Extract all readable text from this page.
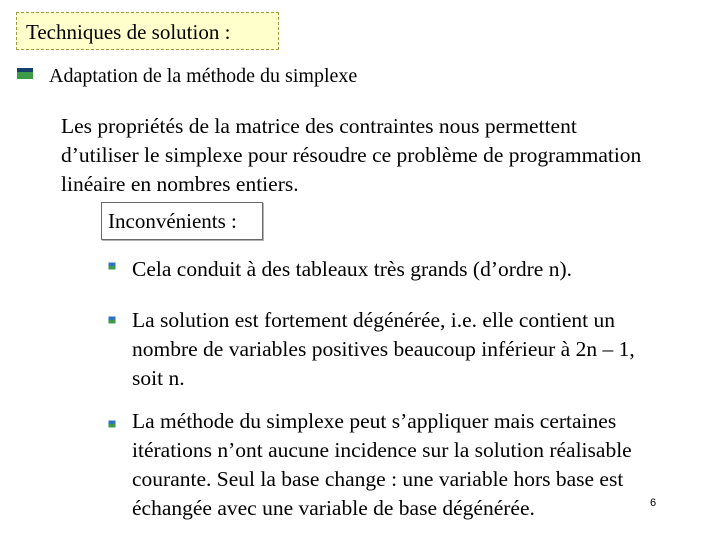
Techniques de solution :
Adaptation de la méthode du simplexe
Les propriétés de la matrice des contraintes nous permettent
d’utiliser le simplexe pour résoudre ce problème de programmation
linéaire en nombres entiers.
Inconvénients :
Cela conduit à des tableaux très grands (d’ordre n).
La solution est fortement dégénérée, i.e. elle contient un
nombre de variables positives beaucoup inférieur à 2n – 1,
soit n.
La méthode du simplexe peut s’appliquer mais certaines
itérations n’ont aucune incidence sur la solution réalisable
courante. Seul la base change : une variable hors base est
échangée avec une variable de base dégénérée.	6
